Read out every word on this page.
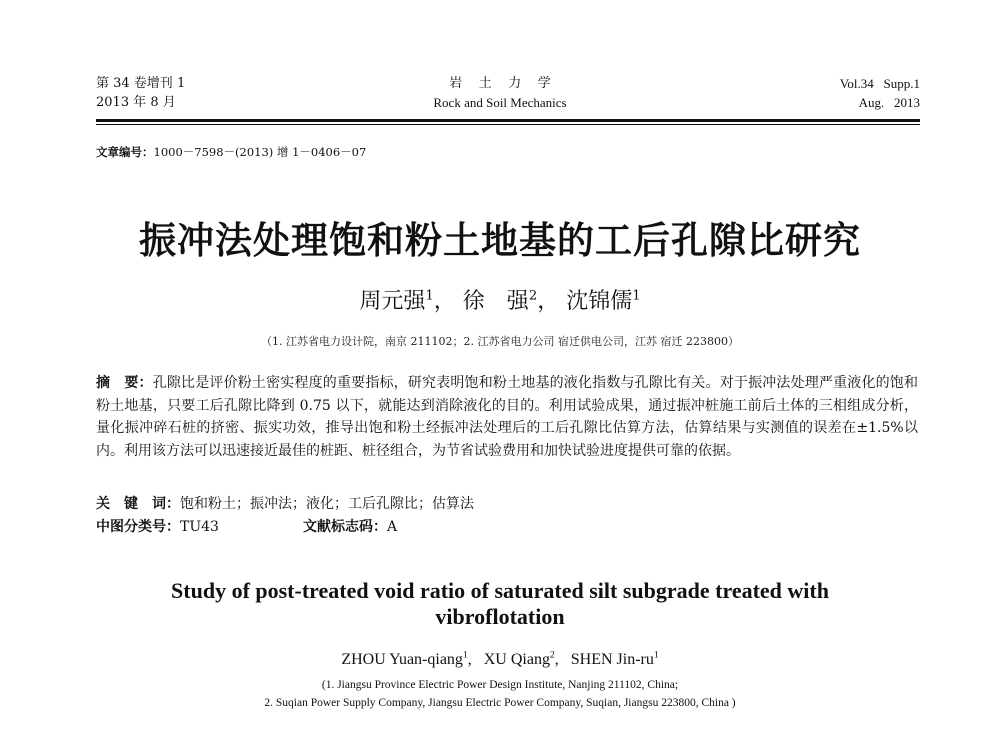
第 34 卷增刊 1
2013 年 8 月
岩    土    力    学
Rock and Soil Mechanics
Vol.34   Supp.1
Aug.   2013
文章编号：1000－7598－(2013) 增 1－0406－07
振冲法处理饱和粉土地基的工后孔隙比研究
周元强$^1$， 徐　强$^2$， 沈锦儒$^1$
（1. 江苏省电力设计院，南京 211102；2. 江苏省电力公司 宿迁供电公司，江苏 宿迁 223800）
摘　要：孔隙比是评价粉土密实程度的重要指标，研究表明饱和粉土地基的液化指数与孔隙比有关。对于振冲法处理严重液化的饱和粉土地基，只要工后孔隙比降到 0.75 以下，就能达到消除液化的目的。利用试验成果，通过振冲桩施工前后土体的三相组成分析，量化振冲碎石桩的挤密、振实功效，推导出饱和粉土经振冲法处理后的工后孔隙比估算方法，估算结果与实测值的误差在±1.5%以内。利用该方法可以迅速接近最佳的桩距、桩径组合，为节省试验费用和加快试验进度提供可靠的依据。
关　键　词：饱和粉土；振冲法；液化；工后孔隙比；估算法
中图分类号：TU43	文献标志码：A
Study of post-treated void ratio of saturated silt subgrade treated with
vibroflotation
ZHOU Yuan-qiang$^1$,   XU Qiang$^2$,   SHEN Jin-$ru^1$
(1. Jiangsu Province Electric Power Design Institute, Nanjing 211102, China;
2. Suqian Power Supply Company, Jiangsu Electric Power Company, Suqian, Jiangsu 223800, China )
